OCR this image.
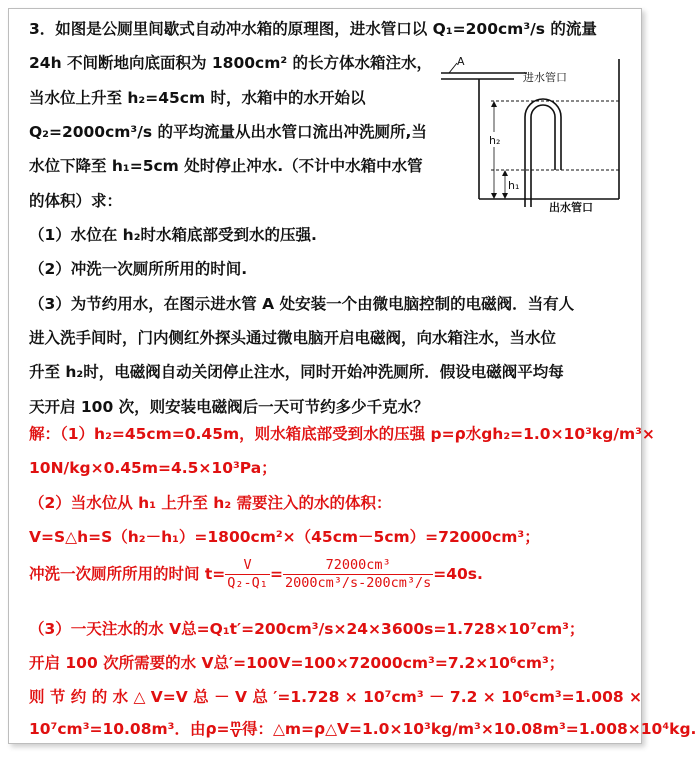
3．如图是公厕里间歇式自动冲水箱的原理图，进水管口以 Q₁=200cm³/s 的流量
24h 不间断地向底面积为 1800cm² 的长方体水箱注水，
当水位上升至 h₂=45cm 时，水箱中的水开始以
Q₂=2000cm³/s 的平均流量从出水管口流出冲洗厕所,当
水位下降至 h₁=5cm 处时停止冲水.（不计中水箱中水管
的体积）求：
（1）水位在 h₂时水箱底部受到水的压强.
（2）冲洗一次厕所所用的时间.
（3）为节约用水，在图示进水管 A 处安装一个由微电脑控制的电磁阀．当有人
进入洗手间时，门内侧红外探头通过微电脑开启电磁阀，向水箱注水，当水位
升至 h₂时，电磁阀自动关闭停止注水，同时开始冲洗厕所．假设电磁阀平均每
天开启 100 次，则安装电磁阀后一天可节约多少千克水？
A
进水管口
h₂
h₁
出水管口
解：（1）h₂=45cm=0.45m，则水箱底部受到水的压强 p=ρ水gh₂=1.0×10³kg/m³×
10N/kg×0.45m=4.5×10³Pa；
（2）当水位从 h₁ 上升至 h₂ 需要注入的水的体积：
V=S△h=S（h₂－h₁）=1800cm²×（45cm－5cm）=72000cm³；
冲洗一次厕所所用的时间 $t= \frac{V}{\text{Q₂-Q₁}} = \frac{\text{72000cm³}}{\text{2000cm³/s-200cm³/s}} =40s$.
（3）一天注水的水 V总=Q₁t′=200cm³/s×24×3600s=1.728×10⁷cm³；
开启 100 次所需要的水 V总′=100V=100×72000cm³=7.2×10⁶cm³；
则 节 约 的 水 △ V=V 总 － V 总 ′=1.728 × 10⁷cm³ － 7.2 × 10⁶cm³=1.008 ×
10⁷cm³=10.08m³．由$\rho= \frac{m}{V}$ 得：△m=ρ△V=1.0×10³kg/m³×10.08m³=1.008×10⁴kg.
